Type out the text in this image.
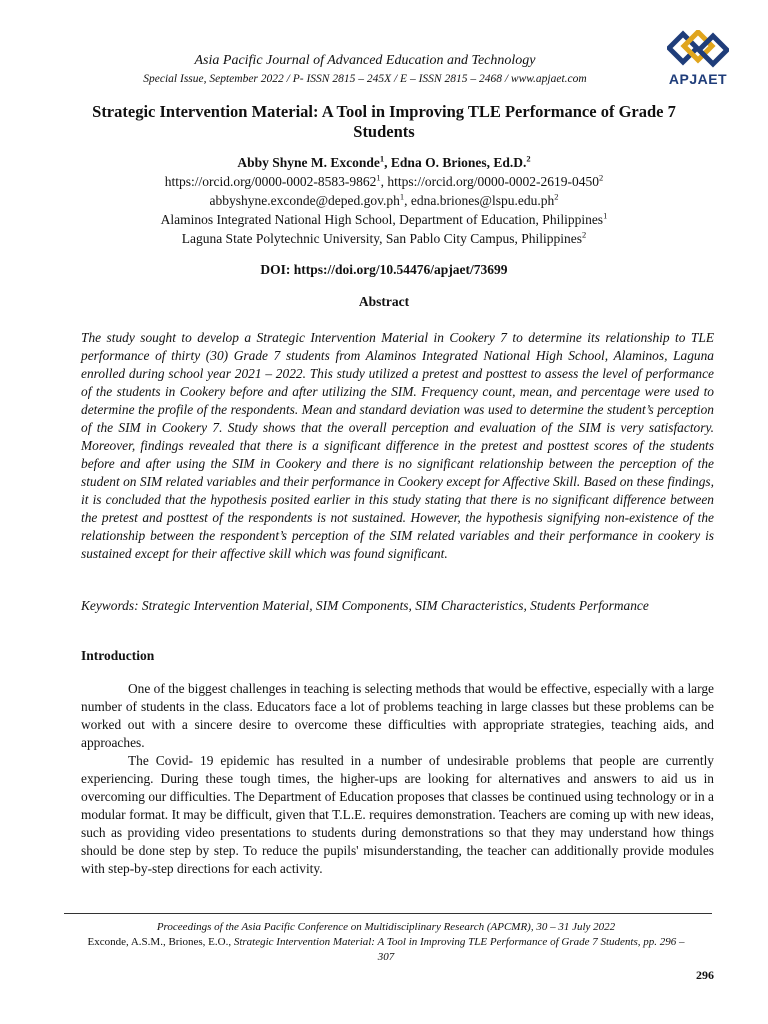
Asia Pacific Journal of Advanced Education and Technology
Special Issue, September 2022 / P- ISSN 2815 – 245X / E – ISSN 2815 – 2468 / www.apjaet.com	APJAET
Strategic Intervention Material: A Tool in Improving TLE Performance of Grade 7 Students
Abby Shyne M. Exconde$^1$, Edna O. Briones, Ed.D.$^2$
https://orcid.org/0000-0002-8583-9862$^1$, https://orcid.org/0000-0002-2619-0450$^2$
$abbyshyne.exconde@deped.gov.ph^1$, $edna.briones@lspu.edu.ph^2$
Alaminos Integrated National High School, Department of Education, Philippines$^1$
Laguna State Polytechnic University, San Pablo City Campus, Philippines$^2$
DOI: https://doi.org/10.54476/apjaet/73699
Abstract

The study sought to develop a Strategic Intervention Material in Cookery 7 to determine its relationship to TLE performance of thirty (30) Grade 7 students from Alaminos Integrated National High School, Alaminos, Laguna enrolled during school year 2021 – 2022. This study utilized a pretest and posttest to assess the level of performance of the students in Cookery before and after utilizing the SIM. Frequency count, mean, and percentage were used to determine the profile of the respondents. Mean and standard deviation was used to determine the student’s perception of the SIM in Cookery 7. Study shows that the overall perception and evaluation of the SIM is very satisfactory. Moreover, findings revealed that there is a significant difference in the pretest and posttest scores of the students before and after using the SIM in Cookery and there is no significant relationship between the perception of the student on SIM related variables and their performance in Cookery except for Affective Skill. Based on these findings, it is concluded that the hypothesis posited earlier in this study stating that there is no significant difference between the pretest and posttest of the respondents is not sustained. However, the hypothesis signifying non-existence of the relationship between the respondent’s perception of the SIM related variables and their performance in cookery is sustained except for their affective skill which was found significant.

Keywords: Strategic Intervention Material, SIM Components, SIM Characteristics, Students Performance

Introduction

One of the biggest challenges in teaching is selecting methods that would be effective, especially with a large number of students in the class. Educators face a lot of problems teaching in large classes but these problems can be worked out with a sincere desire to overcome these difficulties with appropriate strategies, teaching aids, and approaches.

The Covid- 19 epidemic has resulted in a number of undesirable problems that people are currently experiencing. During these tough times, the higher-ups are looking for alternatives and answers to aid us in overcoming our difficulties. The Department of Education proposes that classes be continued using technology or in a modular format. It may be difficult, given that T.L.E. requires demonstration. Teachers are coming up with new ideas, such as providing video presentations to students during demonstrations so that they may understand how things should be done step by step. To reduce the pupils' misunderstanding, the teacher can additionally provide modules with step-by-step directions for each activity.

Proceedings of the Asia Pacific Conference on Multidisciplinary Research (APCMR), 30 – 31 July 2022
Exconde, A.S.M., Briones, E.O., Strategic Intervention Material: A Tool in Improving TLE Performance of Grade 7 Students, pp. 296 – 307
296
